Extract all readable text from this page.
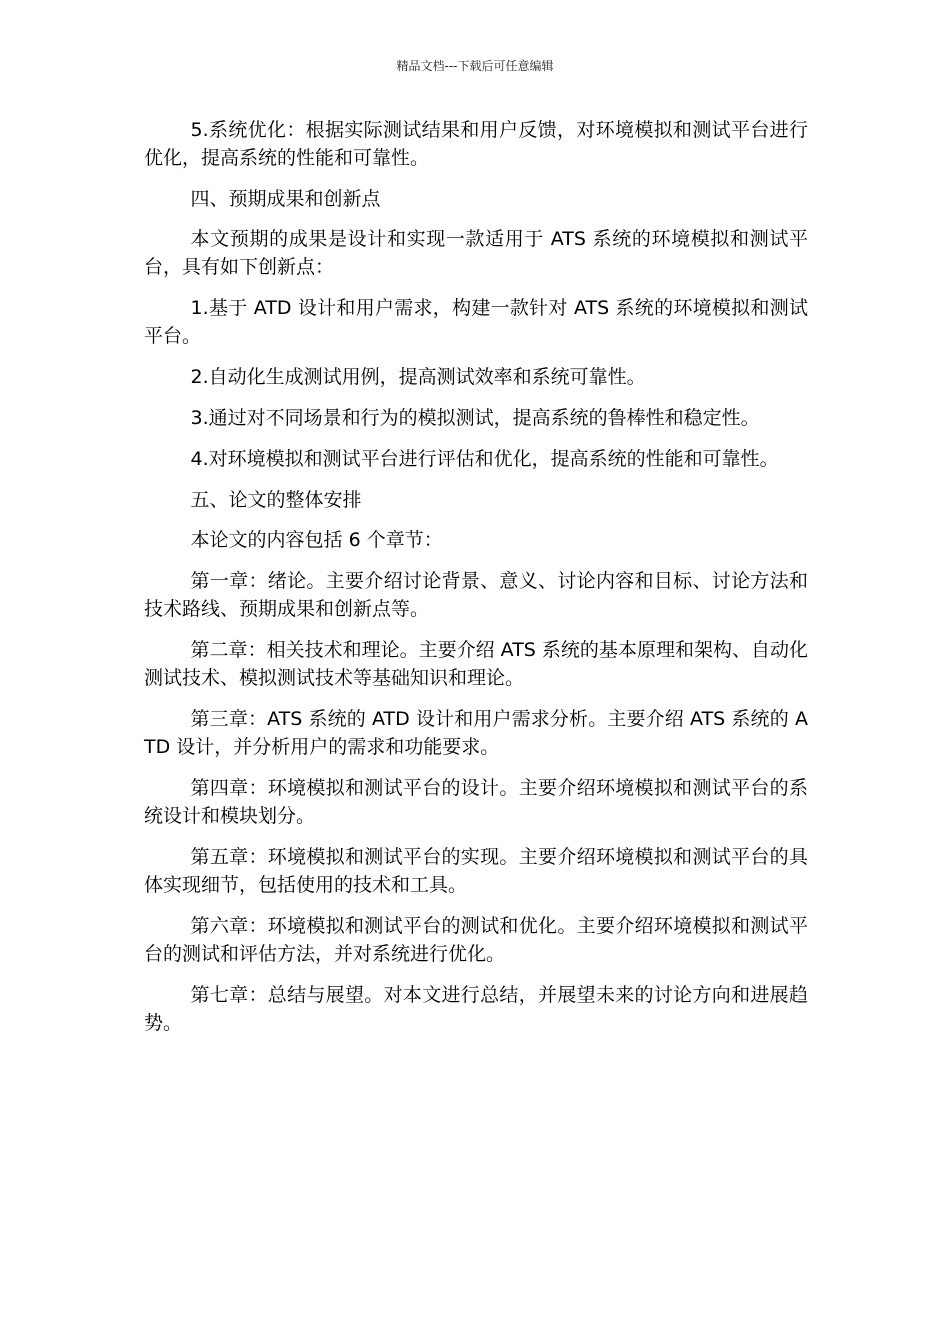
精品文档---下载后可任意编辑

5.系统优化：根据实际测试结果和用户反馈，对环境模拟和测试平台进行优化，提高系统的性能和可靠性。

四、预期成果和创新点

本文预期的成果是设计和实现一款适用于 ATS 系统的环境模拟和测试平台，具有如下创新点：

1.基于 ATD 设计和用户需求，构建一款针对 ATS 系统的环境模拟和测试平台。

2.自动化生成测试用例，提高测试效率和系统可靠性。

3.通过对不同场景和行为的模拟测试，提高系统的鲁棒性和稳定性。

4.对环境模拟和测试平台进行评估和优化，提高系统的性能和可靠性。

五、论文的整体安排

本论文的内容包括 6 个章节：

第一章：绪论。主要介绍讨论背景、意义、讨论内容和目标、讨论方法和技术路线、预期成果和创新点等。

第二章：相关技术和理论。主要介绍 ATS 系统的基本原理和架构、自动化测试技术、模拟测试技术等基础知识和理论。

第三章：ATS 系统的 ATD 设计和用户需求分析。主要介绍 ATS 系统的 ATD 设计，并分析用户的需求和功能要求。

第四章：环境模拟和测试平台的设计。主要介绍环境模拟和测试平台的系统设计和模块划分。

第五章：环境模拟和测试平台的实现。主要介绍环境模拟和测试平台的具体实现细节，包括使用的技术和工具。

第六章：环境模拟和测试平台的测试和优化。主要介绍环境模拟和测试平台的测试和评估方法，并对系统进行优化。

第七章：总结与展望。对本文进行总结，并展望未来的讨论方向和进展趋势。
